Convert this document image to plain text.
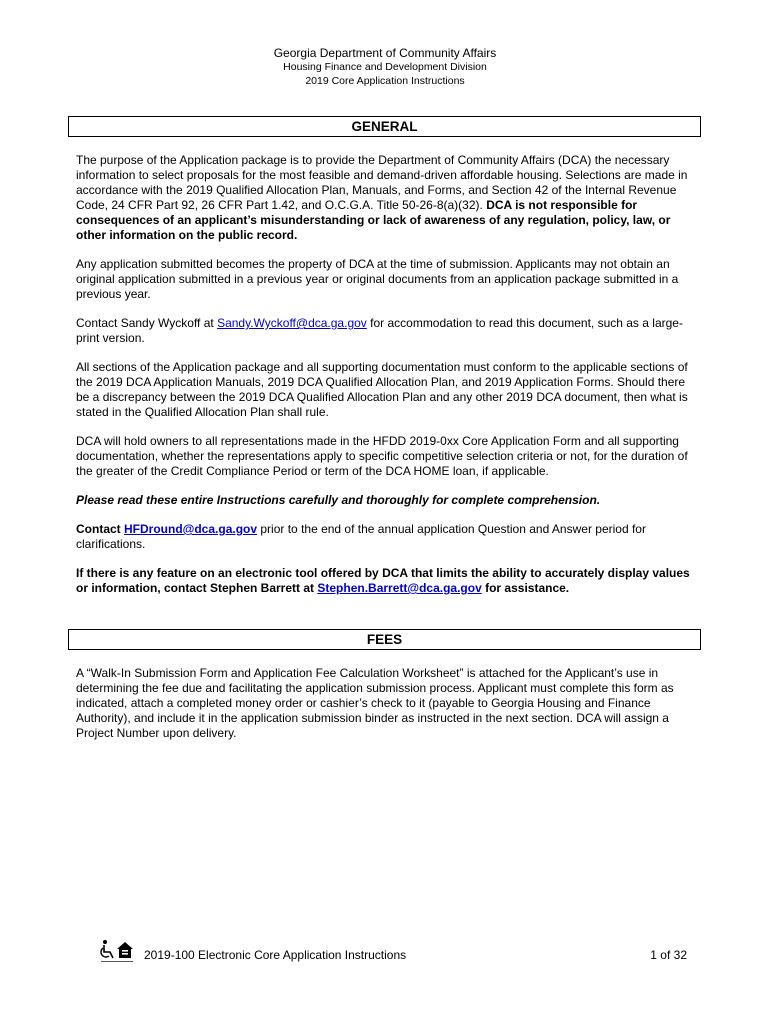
Georgia Department of Community Affairs
Housing Finance and Development Division
2019 Core Application Instructions
GENERAL

The purpose of the Application package is to provide the Department of Community Affairs (DCA) the necessary information to select proposals for the most feasible and demand-driven affordable housing. Selections are made in accordance with the 2019 Qualified Allocation Plan, Manuals, and Forms, and Section 42 of the Internal Revenue Code, 24 CFR Part 92, 26 CFR Part 1.42, and O.C.G.A. Title 50-26-8(a)(32). DCA is not responsible for consequences of an applicant’s misunderstanding or lack of awareness of any regulation, policy, law, or other information on the public record.

Any application submitted becomes the property of DCA at the time of submission. Applicants may not obtain an original application submitted in a previous year or original documents from an application package submitted in a previous year.

Contact Sandy Wyckoff at Sandy.Wyckoff@dca.ga.gov for accommodation to read this document, such as a large-print version.

All sections of the Application package and all supporting documentation must conform to the applicable sections of the 2019 DCA Application Manuals, 2019 DCA Qualified Allocation Plan, and 2019 Application Forms. Should there be a discrepancy between the 2019 DCA Qualified Allocation Plan and any other 2019 DCA document, then what is stated in the Qualified Allocation Plan shall rule.

DCA will hold owners to all representations made in the HFDD 2019-0xx Core Application Form and all supporting documentation, whether the representations apply to specific competitive selection criteria or not, for the duration of the greater of the Credit Compliance Period or term of the DCA HOME loan, if applicable.

Please read these entire Instructions carefully and thoroughly for complete comprehension.

Contact HFDround@dca.ga.gov prior to the end of the annual application Question and Answer period for clarifications.

If there is any feature on an electronic tool offered by DCA that limits the ability to accurately display values or information, contact Stephen Barrett at Stephen.Barrett@dca.ga.gov for assistance.

FEES

A “Walk-In Submission Form and Application Fee Calculation Worksheet” is attached for the Applicant’s use in determining the fee due and facilitating the application submission process. Applicant must complete this form as indicated, attach a completed money order or cashier’s check to it (payable to Georgia Housing and Finance Authority), and include it in the application submission binder as instructed in the next section. DCA will assign a Project Number upon delivery.

2019-100 Electronic Core Application Instructions	1 of 32
